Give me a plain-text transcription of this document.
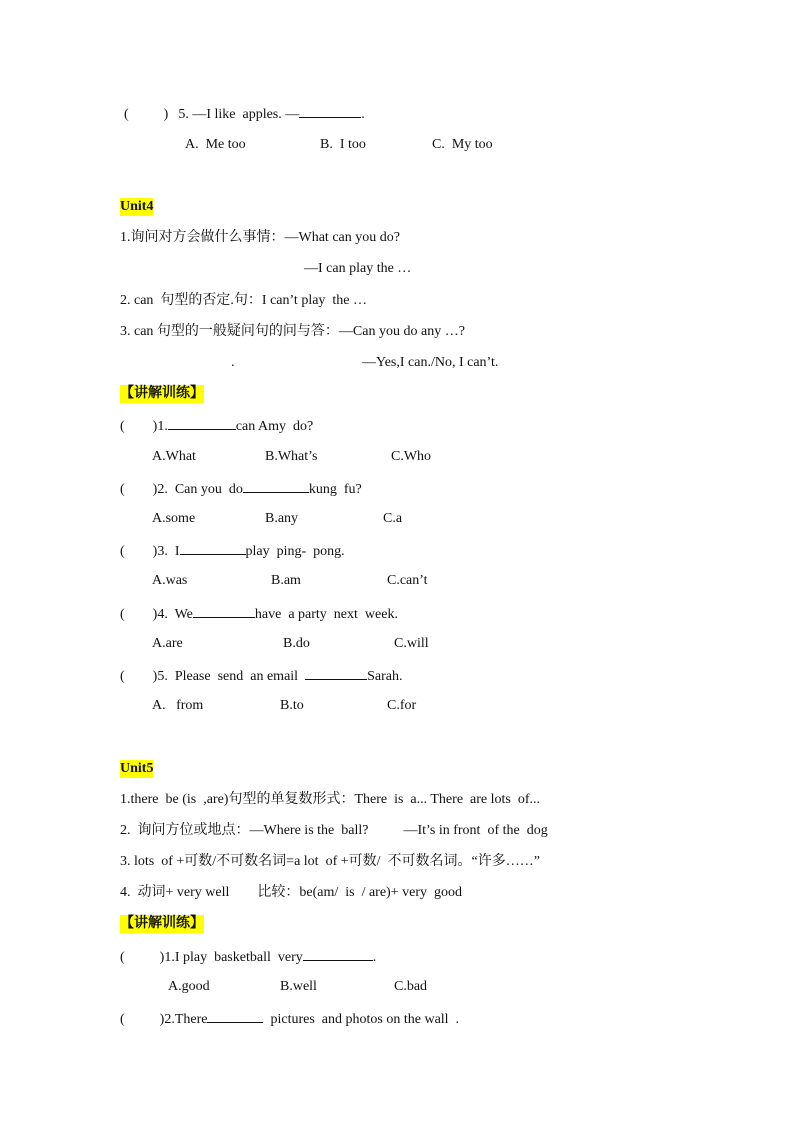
(          ) 5. —I like  apples. —	.
A.  Me too	B.  I too	C.  My too
Unit4
1.询问对方会做什么事情：—What can you do?
—I can play the …
2. can  句型的否定.句：I can’t play  the …
3. can 句型的一般疑问句的问与答：—Can you do any …?
.	—Yes,I can./No, I can’t.
【讲解训练】
(        )1.	can Amy  do?
A.What	B.What’s	C.Who
(        )2.  Can you  do	kung  fu?
A.some	B.any	C.a
(        )3.  I	play  ping-  pong.
A.was	B.am	C.can’t
(        )4.  We	have  a party  next  week.
A.are	B.do	C.will
(        )5.  Please  send  an email	Sarah.
A.   from	B.to	C.for
Unit5
1.there  be (is  ,are)句型的单复数形式：There  is  a... There  are lots  of...
2.  询问方位或地点：—Where is the  ball?          —It’s in front  of the  dog
3. lots  of +可数/不可数名词=a lot  of +可数/  不可数名词。“许多……”
4.  动词+ very well        比较：be(am/  is  / are)+ very  good
【讲解训练】
(          )1.I play  basketball  very	.
A.good	B.well	C.bad
(          )2.There	pictures  and photos on the wall  .
